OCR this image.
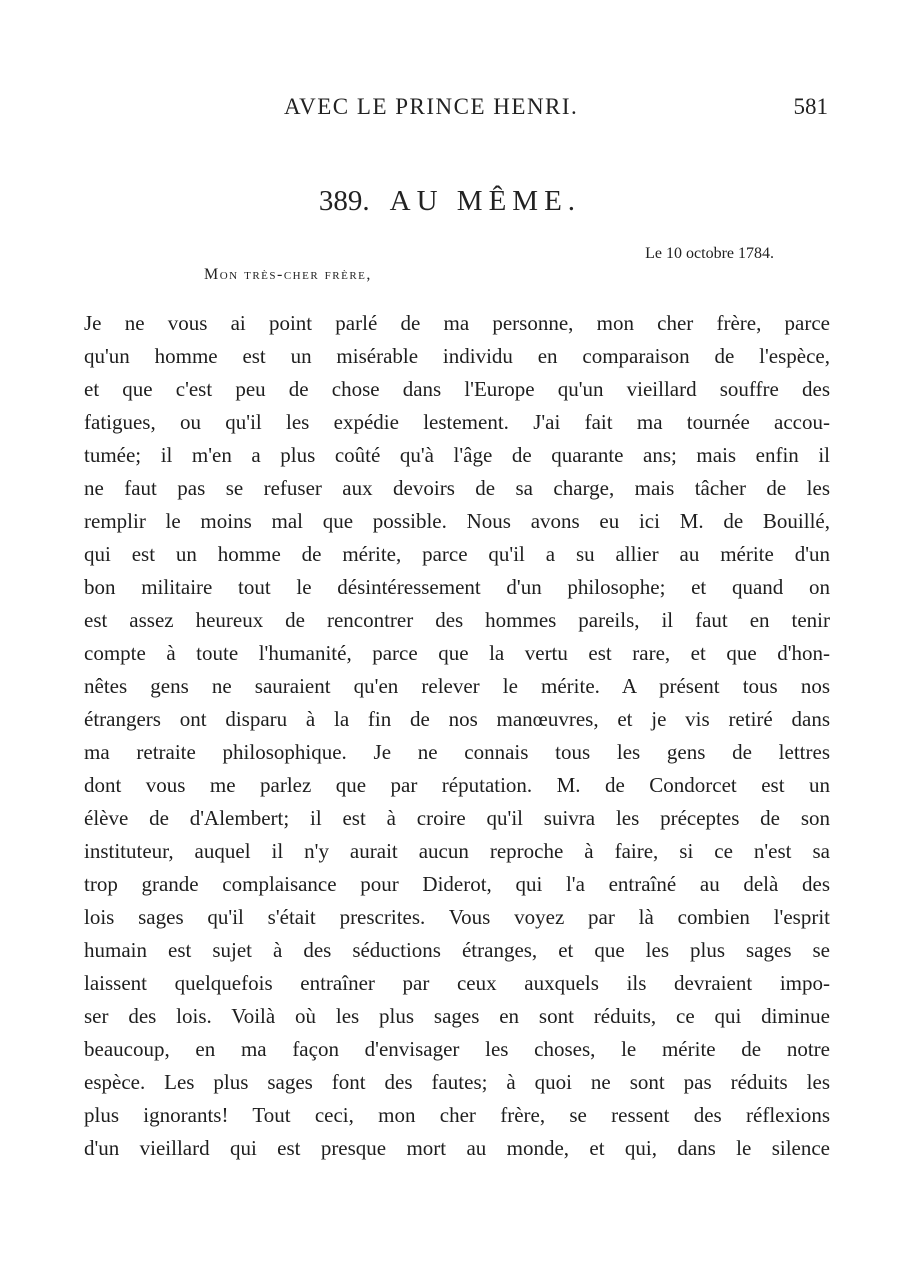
AVEC LE PRINCE HENRI.	581
389. AU MÊME.
Le 10 octobre 1784.
Mon très-cher frère,
Je ne vous ai point parlé de ma personne, mon cher frère, parce
qu'un homme est un misérable individu en comparaison de l'espèce,
et que c'est peu de chose dans l'Europe qu'un vieillard souffre des
fatigues, ou qu'il les expédie lestement. J'ai fait ma tournée accou-
tumée; il m'en a plus coûté qu'à l'âge de quarante ans; mais enfin il
ne faut pas se refuser aux devoirs de sa charge, mais tâcher de les
remplir le moins mal que possible. Nous avons eu ici M. de Bouillé,
qui est un homme de mérite, parce qu'il a su allier au mérite d'un
bon militaire tout le désintéressement d'un philosophe; et quand on
est assez heureux de rencontrer des hommes pareils, il faut en tenir
compte à toute l'humanité, parce que la vertu est rare, et que d'hon-
nêtes gens ne sauraient qu'en relever le mérite. A présent tous nos
étrangers ont disparu à la fin de nos manœuvres, et je vis retiré dans
ma retraite philosophique. Je ne connais tous les gens de lettres
dont vous me parlez que par réputation. M. de Condorcet est un
élève de d'Alembert; il est à croire qu'il suivra les préceptes de son
instituteur, auquel il n'y aurait aucun reproche à faire, si ce n'est sa
trop grande complaisance pour Diderot, qui l'a entraîné au delà des
lois sages qu'il s'était prescrites. Vous voyez par là combien l'esprit
humain est sujet à des séductions étranges, et que les plus sages se
laissent quelquefois entraîner par ceux auxquels ils devraient impo-
ser des lois. Voilà où les plus sages en sont réduits, ce qui diminue
beaucoup, en ma façon d'envisager les choses, le mérite de notre
espèce. Les plus sages font des fautes; à quoi ne sont pas réduits les
plus ignorants! Tout ceci, mon cher frère, se ressent des réflexions
d'un vieillard qui est presque mort au monde, et qui, dans le silence
